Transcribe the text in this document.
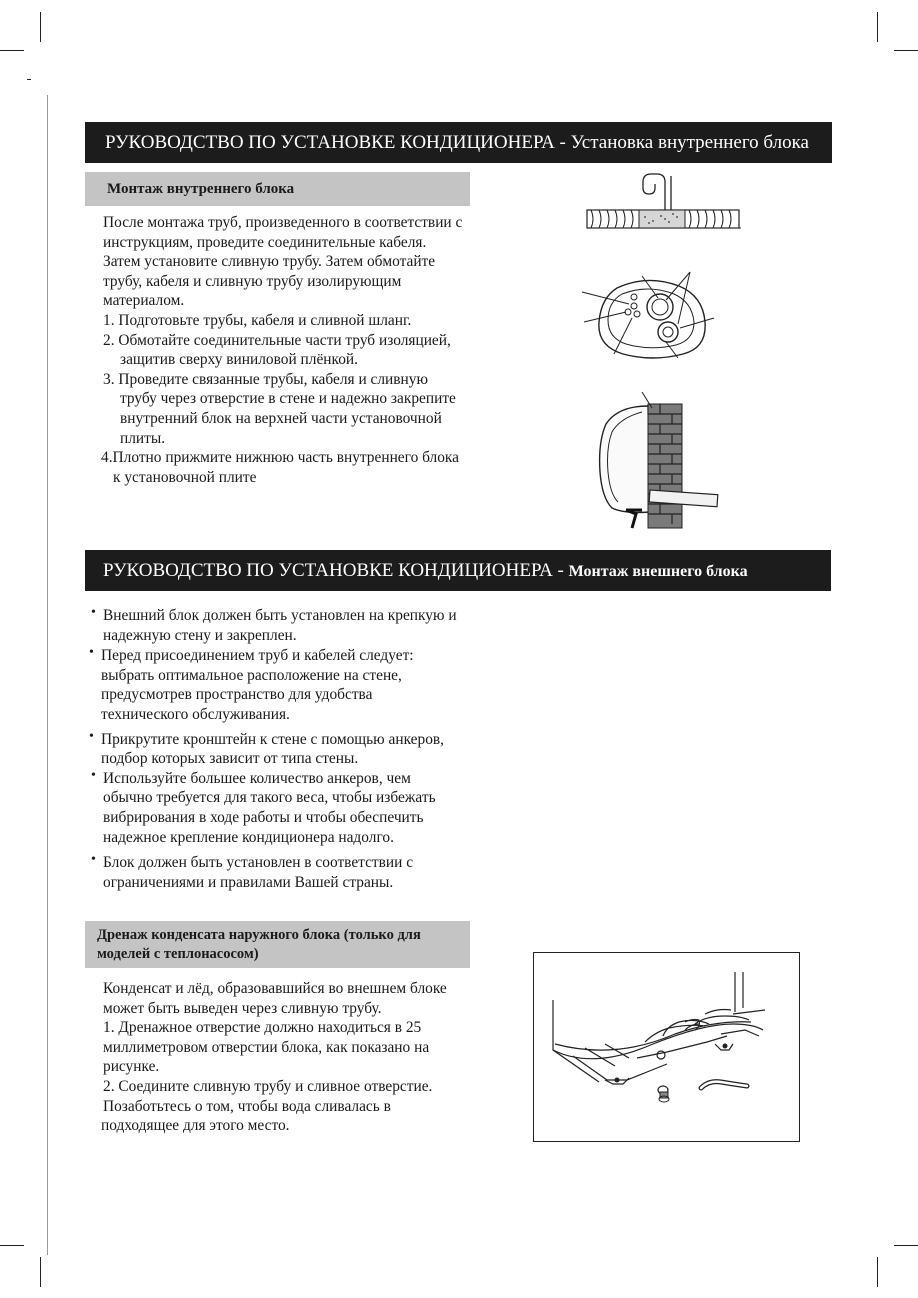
РУКОВОДСТВО ПО УСТАНОВКЕ КОНДИЦИОНЕРА - Установка внутреннего блока
Монтаж внутреннего блока

После монтажа труб, произведенного в соответствии с

инструкциям, проведите соединительные кабеля.

Затем установите сливную трубу. Затем обмотайте

трубу, кабеля и сливную трубу изолирующим

материалом.

1. Подготовьте трубы, кабеля и сливной шланг.

2. Обмотайте соединительные части труб изоляцией,

защитив сверху виниловой плёнкой.

3. Проведите связанные трубы, кабеля и сливную

трубу через отверстие в стене и надежно закрепите

внутренний блок на верхней части установочной

плиты.

4.Плотно прижмите нижнюю часть внутреннего блока

к установочной плите

РУКОВОДСТВО ПО УСТАНОВКЕ КОНДИЦИОНЕРА - Монтаж внешнего блока
• Внешний блок должен быть установлен на крепкую и

надежную стену и закреплен.

• Перед присоединением труб и кабелей следует:

выбрать оптимальное расположение на стене,

предусмотрев пространство для удобства

технического обслуживания.

• Прикрутите кронштейн к стене с помощью анкеров,

подбор которых зависит от типа стены.

• Используйте большее количество анкеров, чем

обычно требуется для такого веса, чтобы избежать

вибрирования в ходе работы и чтобы обеспечить

надежное крепление кондиционера надолго.

• Блок должен быть установлен в соответствии с

ограничениями и правилами Вашей страны.

Дренаж конденсата наружного блока (только для
моделей с теплонасосом)

Конденсат и лёд, образовавшийся во внешнем блоке

может быть выведен через сливную трубу.

1. Дренажное отверстие должно находиться в 25

миллиметровом отверстии блока, как показано на

рисунке.

2. Соедините сливную трубу и сливное отверстие.

Позаботьтесь о том, чтобы вода сливалась в

подходящее для этого место.
